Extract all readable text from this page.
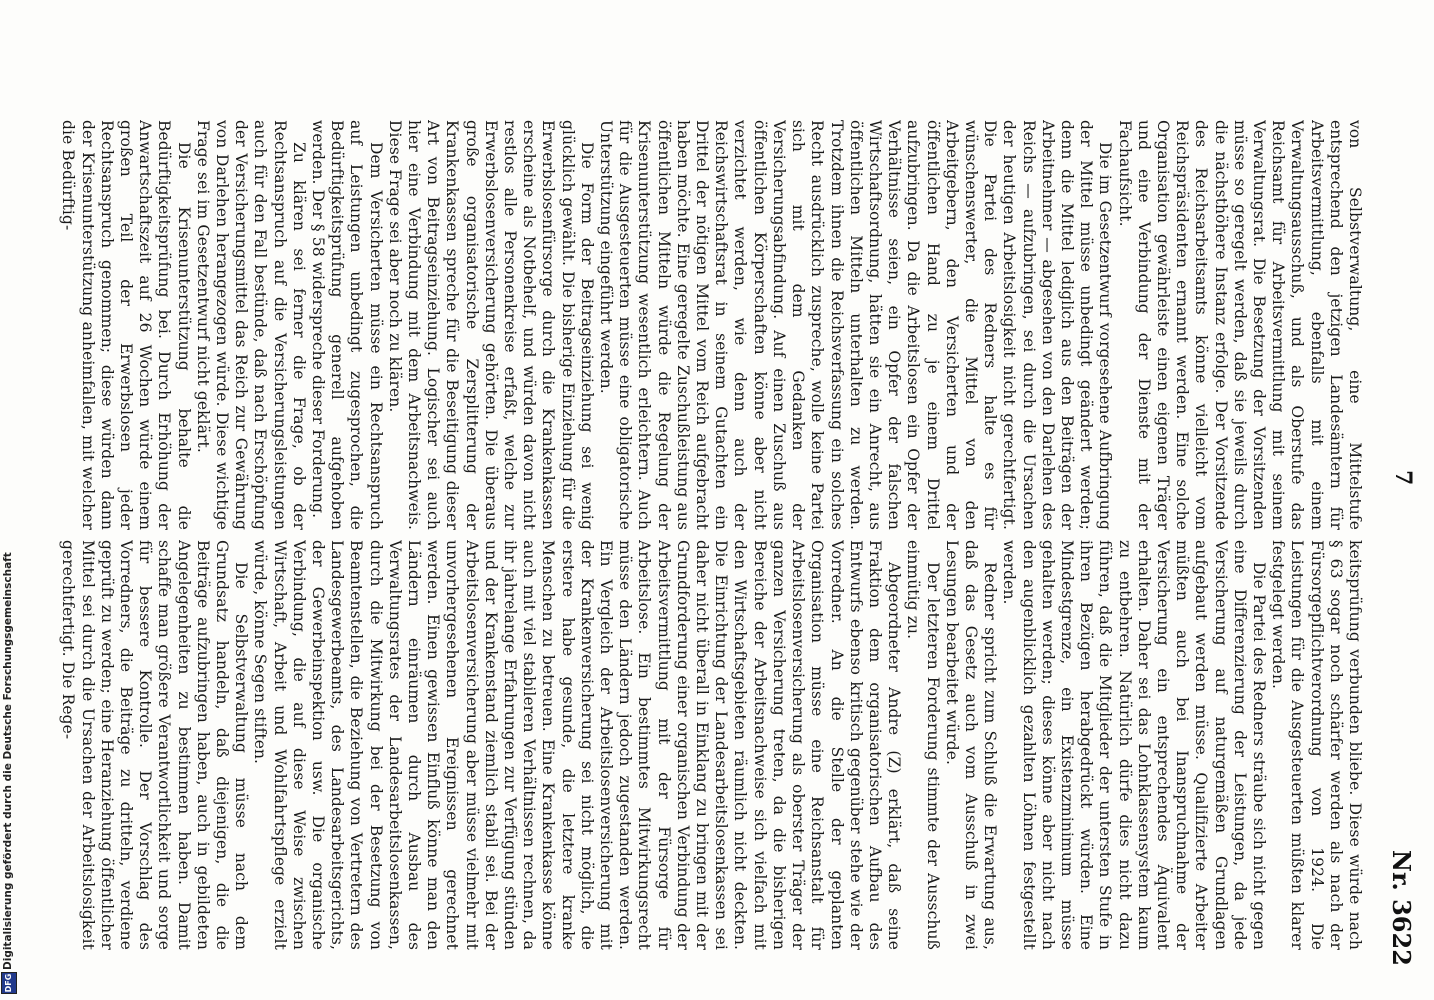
7
Nr. 3622

von Selbstverwaltung, eine Mittelstufe entsprechend den jetzigen Landesämtern für Arbeitsvermittlung, ebenfalls mit einem Verwaltungsausschuß, und als Oberstufe das Reichsamt für Arbeitsvermittlung mit seinem Verwaltungsrat. Die Besetzung der Vorsitzenden müsse so geregelt werden, daß sie jeweils durch die nächsthöhere Instanz erfolge. Der Vorsitzende des Reichsarbeitsamts könne vielleicht vom Reichspräsidenten ernannt werden. Eine solche Organisation gewährleiste einen eigenen Träger und eine Verbindung der Dienste mit der Fachaufsicht.

Die im Gesetzentwurf vorgesehene Aufbringung der Mittel müsse unbedingt geändert werden; denn die Mittel lediglich aus den Beiträgen der Arbeitnehmer — abgesehen von den Darlehen des Reichs — aufzubringen, sei durch die Ursachen der heutigen Arbeitslosigkeit nicht gerechtfertigt. Die Partei des Redners halte es für wünschenswerter, die Mittel von den Arbeitgebern, den Versicherten und der öffentlichen Hand zu je einem Drittel aufzubringen. Da die Arbeitslosen ein Opfer der Verhältnisse seien, ein Opfer der falschen Wirtschaftsordnung, hätten sie ein Anrecht, aus öffentlichen Mitteln unterhalten zu werden. Trotzdem ihnen die Reichsverfassung ein solches Recht ausdrücklich zuspreche, wolle keine Partei sich mit dem Gedanken der Versicherungsabfindung. Auf einen Zuschuß aus öffentlichen Körperschaften könne aber nicht verzichtet werden, wie denn auch der Reichswirtschaftsrat in seinem Gutachten ein Drittel der nötigen Mittel vom Reich aufgebracht haben möchte. Eine geregelte Zuschußleistung aus öffentlichen Mitteln würde die Regelung der Krisenunterstützung wesentlich erleichtern. Auch für die Ausgesteuerten müsse eine obligatorische Unterstützung eingeführt werden.

Die Form der Beitragseinziehung sei wenig glücklich gewählt. Die bisherige Einziehung für die Erwerbslosenfürsorge durch die Krankenkassen erscheine als Notbehelf, und würden davon nicht restlos alle Personenkreise erfaßt, welche zur Erwerbslosenversicherung gehörten. Die überaus große organisatorische Zersplitterung der Krankenkassen spreche für die Beseitigung dieser Art von Beitragseinziehung. Logischer sei auch hier eine Verbindung mit dem Arbeitsnachweis. Diese Frage sei aber noch zu klären.

Dem Versicherten müsse ein Rechtsanspruch auf Leistungen unbedingt zugesprochen, die Bedürftigkeitsprüfung generell aufgehoben werden. Der § 58 widerspreche dieser Forderung.

Zu klären sei ferner die Frage, ob der Rechtsanspruch auf die Versicherungsleistungen auch für den Fall bestünde, daß nach Erschöpfung der Versicherungsmittel das Reich zur Gewährung von Darlehen herangezogen würde. Diese wichtige Frage sei im Gesetzentwurf nicht geklärt.

Die Krisenunterstützung behalte die Bedürftigkeitsprüfung bei. Durch Erhöhung der Anwartschaftszeit auf 26 Wochen würde einem großen Teil der Erwerbslosen jeder Rechtsanspruch genommen; diese würden dann der Krisenunterstützung anheimfallen, mit welcher die Bedürftig-

keitsprüfung verbunden bliebe. Diese würde nach § 63 sogar noch schärfer werden als nach der Fürsorgepflichtverordnung von 1924. Die Leistungen für die Ausgesteuerten müßten klarer festgelegt werden.

Die Partei des Redners sträube sich nicht gegen eine Differenzierung der Leistungen, da jede Versicherung auf naturgemäßen Grundlagen aufgebaut werden müsse. Qualifizierte Arbeiter müßten auch bei Inanspruchnahme der Versicherung ein entsprechendes Äquivalent erhalten. Daher sei das Lohnklassensystem kaum zu entbehren. Natürlich dürfe dies nicht dazu führen, daß die Mitglieder der untersten Stufe in ihren Bezügen herabgedrückt würden. Eine Mindestgrenze, ein Existenzminimum müsse gehalten werden; dieses könne aber nicht nach den augenblicklich gezahlten Löhnen festgestellt werden.

Redner spricht zum Schluß die Erwartung aus, daß das Gesetz auch vom Ausschuß in zwei Lesungen bearbeitet würde.

Der letzteren Forderung stimmte der Ausschuß einmütig zu.

Abgeordneter Andre (Z) erklärt, daß seine Fraktion dem organisatorischen Aufbau des Entwurfs ebenso kritisch gegenüber stehe wie der Vorredner. An die Stelle der geplanten Organisation müsse eine Reichsanstalt für Arbeitslosenversicherung als oberster Träger der ganzen Versicherung treten, da die bisherigen Bereiche der Arbeitsnachweise sich vielfach mit den Wirtschaftsgebieten räumlich nicht deckten. Die Einrichtung der Landesarbeitslosenkassen sei daher nicht überall in Einklang zu bringen mit der Grundforderung einer organischen Verbindung der Arbeitsvermittlung mit der Fürsorge für Arbeitslose. Ein bestimmtes Mitwirkungsrecht müsse den Ländern jedoch zugestanden werden. Ein Vergleich der Arbeitslosenversicherung mit der Krankenversicherung sei nicht möglich, die erstere habe gesunde, die letztere kranke Menschen zu betreuen. Eine Krankenkasse könne auch mit viel stabileren Verhältnissen rechnen, da ihr jahrelange Erfahrungen zur Verfügung stünden und der Krankenstand ziemlich stabil sei. Bei der Arbeitslosenversicherung aber müsse vielmehr mit unvorhergesehenen Ereignissen gerechnet werden. Einen gewissen Einfluß könne man den Ländern einräumen durch Ausbau des Verwaltungsrates der Landesarbeitslosenkassen, durch die Mitwirkung bei der Besetzung von Beamtenstellen, die Beziehung von Vertretern des Landesgewerbeamts, des Landesarbeitsgerichts, der Gewerbeinspektion usw. Die organische Verbindung, die auf diese Weise zwischen Wirtschaft, Arbeit und Wohlfahrtspflege erzielt würde, könne Segen stiften.

Die Selbstverwaltung müsse nach dem Grundsatz handeln, daß diejenigen, die die Beiträge aufzubringen haben, auch in gebildeten Angelegenheiten zu bestimmen haben. Damit schaffe man größere Verantwortlichkeit und sorge für bessere Kontrolle. Der Vorschlag des Vorredners, die Beiträge zu dritteln, verdiene geprüft zu werden; eine Heranziehung öffentlicher Mittel sei durch die Ursachen der Arbeitslosigkeit gerechtfertigt. Die Rege-

DFG
Digitalisierung gefördert durch die Deutsche Forschungsgemeinschaft
